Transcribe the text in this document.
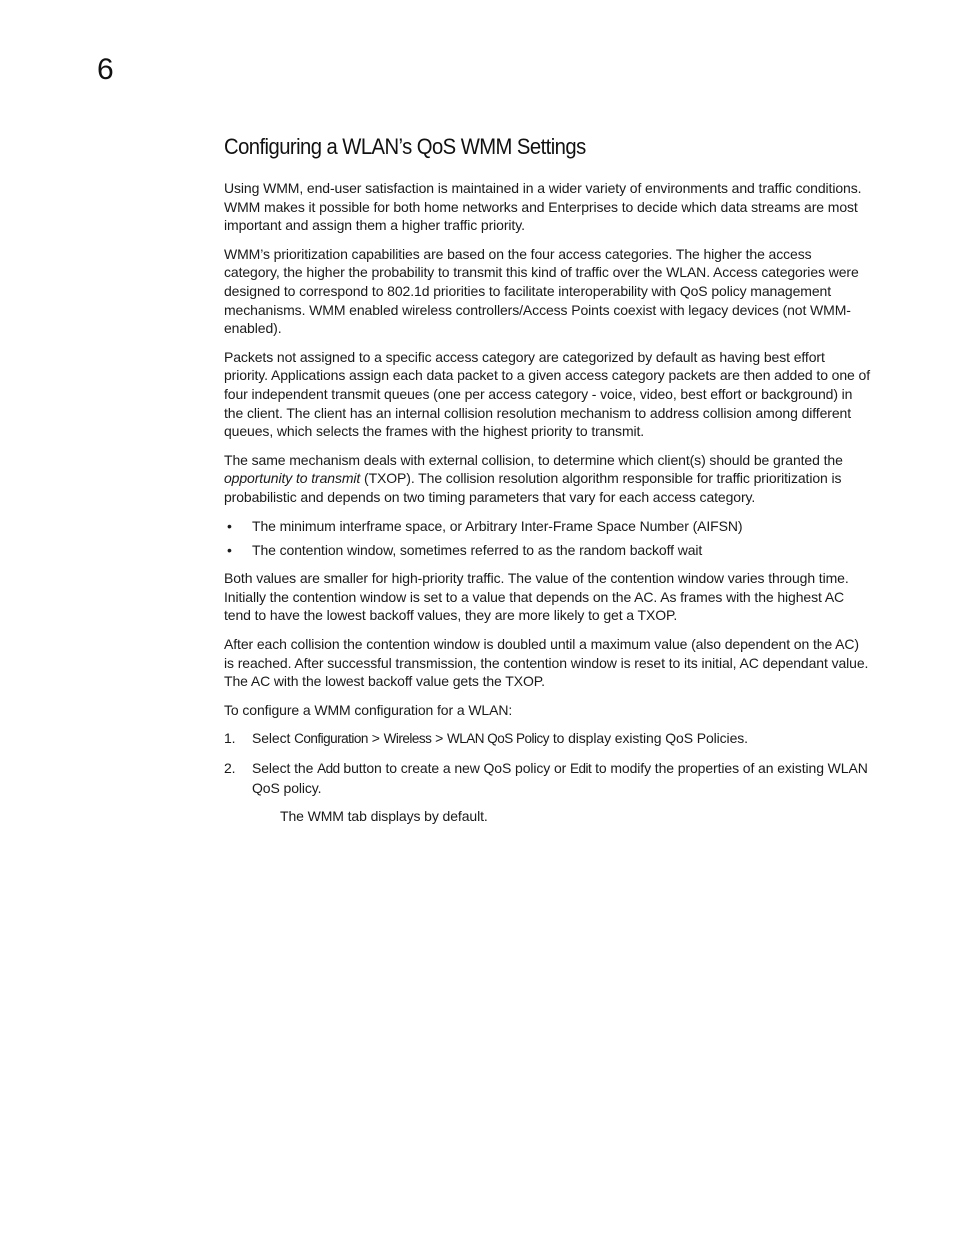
6
Configuring a WLAN’s QoS WMM Settings

Using WMM, end-user satisfaction is maintained in a wider variety of environments and traffic conditions. WMM makes it possible for both home networks and Enterprises to decide which data streams are most important and assign them a higher traffic priority.

WMM’s prioritization capabilities are based on the four access categories. The higher the access category, the higher the probability to transmit this kind of traffic over the WLAN. Access categories were designed to correspond to 802.1d priorities to facilitate interoperability with QoS policy management mechanisms. WMM enabled wireless controllers/Access Points coexist with legacy devices (not WMM-enabled).

Packets not assigned to a specific access category are categorized by default as having best effort priority. Applications assign each data packet to a given access category packets are then added to one of four independent transmit queues (one per access category - voice, video, best effort or background) in the client. The client has an internal collision resolution mechanism to address collision among different queues, which selects the frames with the highest priority to transmit.

The same mechanism deals with external collision, to determine which client(s) should be granted the opportunity to transmit (TXOP). The collision resolution algorithm responsible for traffic prioritization is probabilistic and depends on two timing parameters that vary for each access category.

• The minimum interframe space, or Arbitrary Inter-Frame Space Number (AIFSN)
• The contention window, sometimes referred to as the random backoff wait

Both values are smaller for high-priority traffic. The value of the contention window varies through time. Initially the contention window is set to a value that depends on the AC. As frames with the highest AC tend to have the lowest backoff values, they are more likely to get a TXOP.

After each collision the contention window is doubled until a maximum value (also dependent on the AC) is reached. After successful transmission, the contention window is reset to its initial, AC dependant value. The AC with the lowest backoff value gets the TXOP.

To configure a WMM configuration for a WLAN:

1. Select Configuration > Wireless > WLAN QoS Policy to display existing QoS Policies.
2. Select the Add button to create a new QoS policy or Edit to modify the properties of an existing WLAN QoS policy.

The WMM tab displays by default.
